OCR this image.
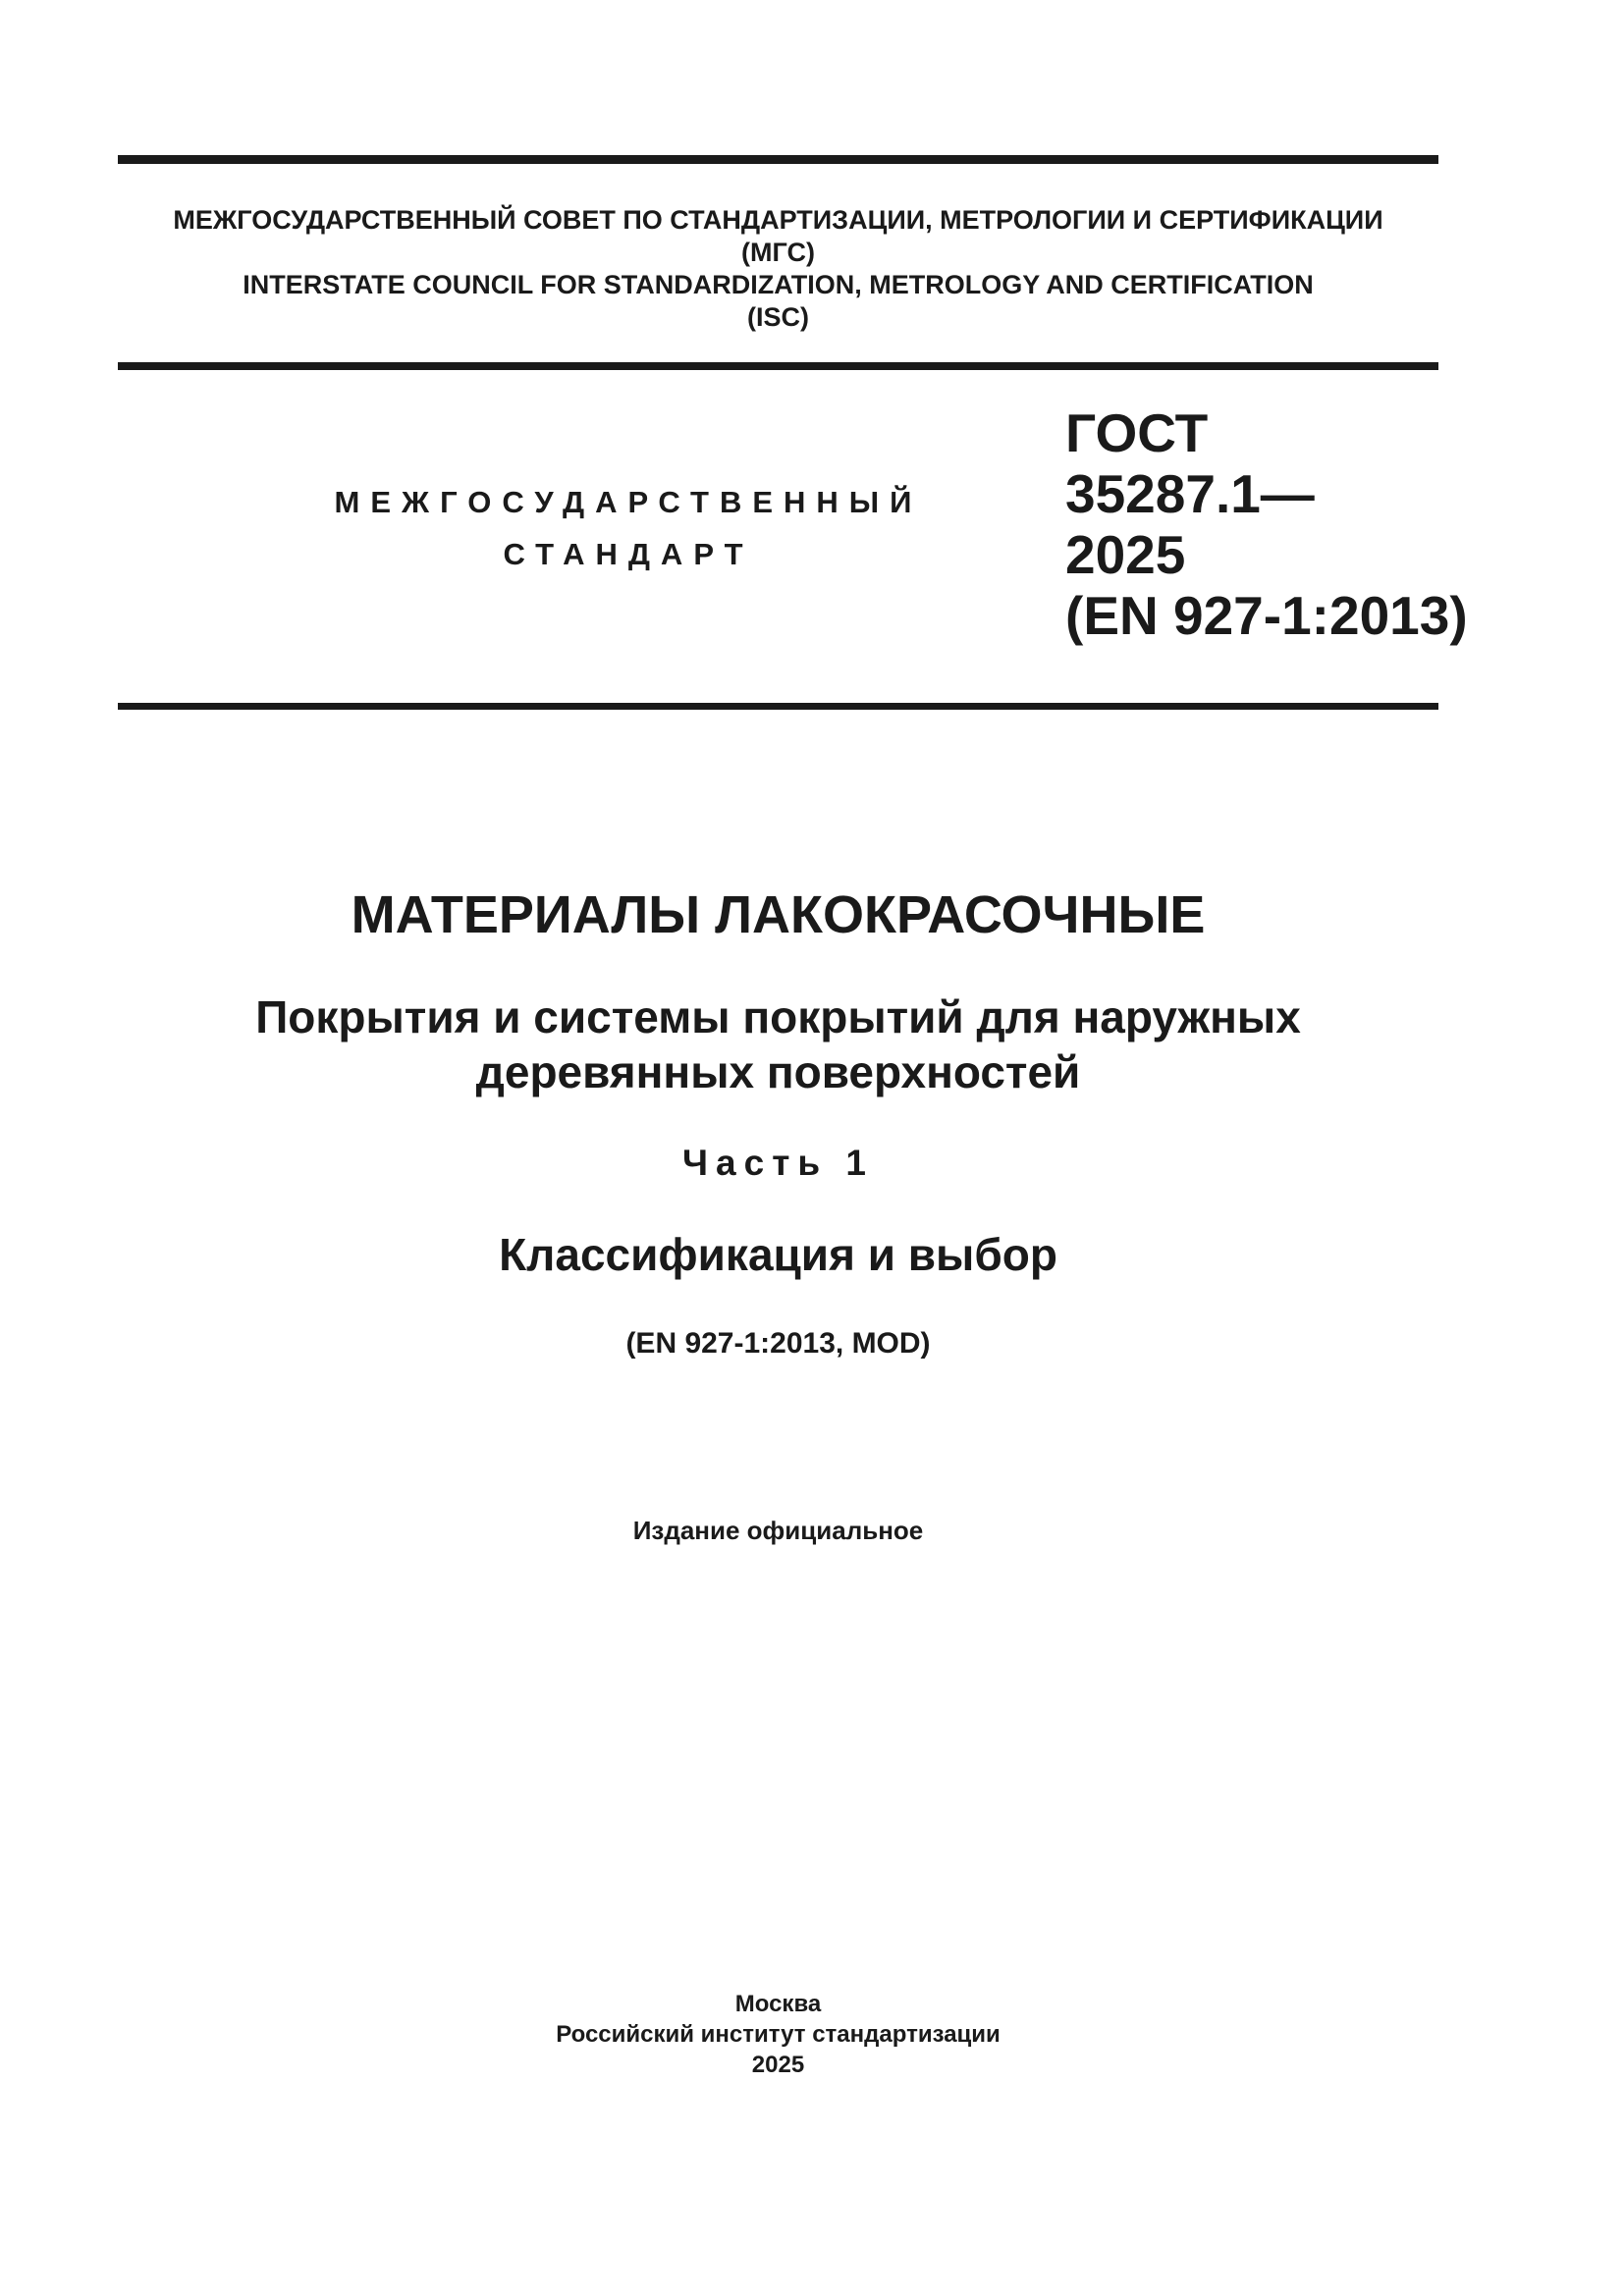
МЕЖГОСУДАРСТВЕННЫЙ СОВЕТ ПО СТАНДАРТИЗАЦИИ, МЕТРОЛОГИИ И СЕРТИФИКАЦИИ
(МГС)
INTERSTATE COUNCIL FOR STANDARDIZATION, METROLOGY AND CERTIFICATION
(ISC)
МЕЖГОСУДАРСТВЕННЫЙ
СТАНДАРТ
ГОСТ
35287.1—
2025
(EN 927-1:2013)
МАТЕРИАЛЫ ЛАКОКРАСОЧНЫЕ
Покрытия и системы покрытий для наружных
деревянных поверхностей
Часть 1
Классификация и выбор
(EN 927-1:2013, MOD)
Издание официальное
Москва
Российский институт стандартизации
2025
